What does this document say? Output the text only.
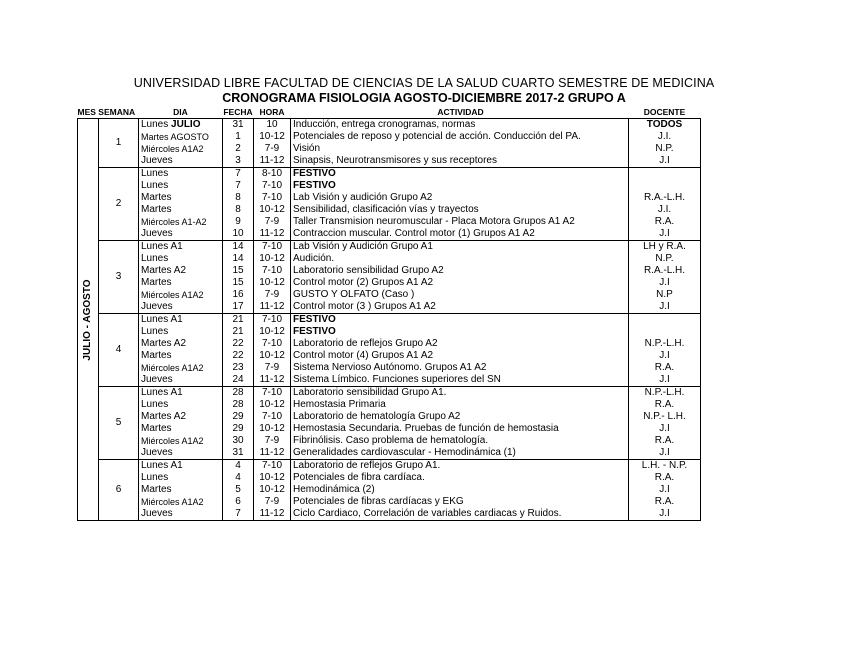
UNIVERSIDAD LIBRE FACULTAD DE CIENCIAS DE LA SALUD CUARTO SEMESTRE DE MEDICINA
CRONOGRAMA FISIOLOGIA AGOSTO-DICIEMBRE 2017-2 GRUPO A
MES SEMANA		DIA	FECHA	HORA	ACTIVIDAD	DOCENTE

JULIO - AGOSTO	1	Lunes JULIO	31	10	Inducción, entrega cronogramas, normas	TODOS
		Martes AGOSTO	1	10-12	Potenciales de reposo y potencial de acción. Conducción del PA.	J.I.
		Miércoles A1A2	2	7-9	Visión	N.P.
		Jueves	3	11-12	Sinapsis, Neurotransmisores y sus receptores	J.I
	2	Lunes	7	8-10	FESTIVO	
		Lunes	7	7-10	FESTIVO	
		Martes	8	7-10	Lab Visión y audición Grupo A2	R.A.-L.H.
		Martes	8	10-12	Sensibilidad, clasificación vías y trayectos	J.I.
		Miércoles A1-A2	9	7-9	Taller Transmision neuromuscular - Placa Motora Grupos A1 A2	R.A.
		Jueves	10	11-12	Contraccion muscular. Control motor (1) Grupos A1 A2	J.I
	3	Lunes A1	14	7-10	Lab Visión y Audición Grupo A1	LH y R.A.
		Lunes	14	10-12	Audición.	N.P.
		Martes A2	15	7-10	Laboratorio sensibilidad Grupo A2	R.A.-L.H.
		Martes	15	10-12	Control motor (2) Grupos A1 A2	J.I
		Miércoles A1A2	16	7-9	GUSTO Y OLFATO (Caso )	N.P
		Jueves	17	11-12	Control motor (3 ) Grupos A1 A2	J.I
	4	Lunes A1	21	7-10	FESTIVO	
		Lunes	21	10-12	FESTIVO	
		Martes A2	22	7-10	Laboratorio de reflejos Grupo A2	N.P.-L.H.
		Martes	22	10-12	Control motor (4) Grupos A1 A2	J.I
		Miércoles A1A2	23	7-9	Sistema Nervioso Autónomo. Grupos A1 A2	R.A.
		Jueves	24	11-12	Sistema Límbico. Funciones superiores del SN	J.I
	5	Lunes A1	28	7-10	Laboratorio sensibilidad Grupo A1.	N.P.-L.H.
		Lunes	28	10-12	Hemostasia Primaria	R.A.
		Martes A2	29	7-10	Laboratorio de hematología Grupo A2	N.P.- L.H.
		Martes	29	10-12	Hemostasia Secundaria. Pruebas de función de hemostasia	J.I
		Miércoles A1A2	30	7-9	Fibrinólisis. Caso problema de hematología.	R.A.
		Jueves	31	11-12	Generalidades cardiovascular - Hemodinámica (1)	J.I
	6	Lunes A1	4	7-10	Laboratorio de reflejos Grupo A1.	L.H. - N.P.
		Lunes	4	10-12	Potenciales de fibra cardíaca.	R.A.
		Martes	5	10-12	Hemodinámica (2)	J.I
		Miércoles A1A2	6	7-9	Potenciales de fibras cardíacas y EKG	R.A.
		Jueves	7	11-12	Ciclo Cardiaco, Correlación de variables cardiacas y Ruidos.	J.I
